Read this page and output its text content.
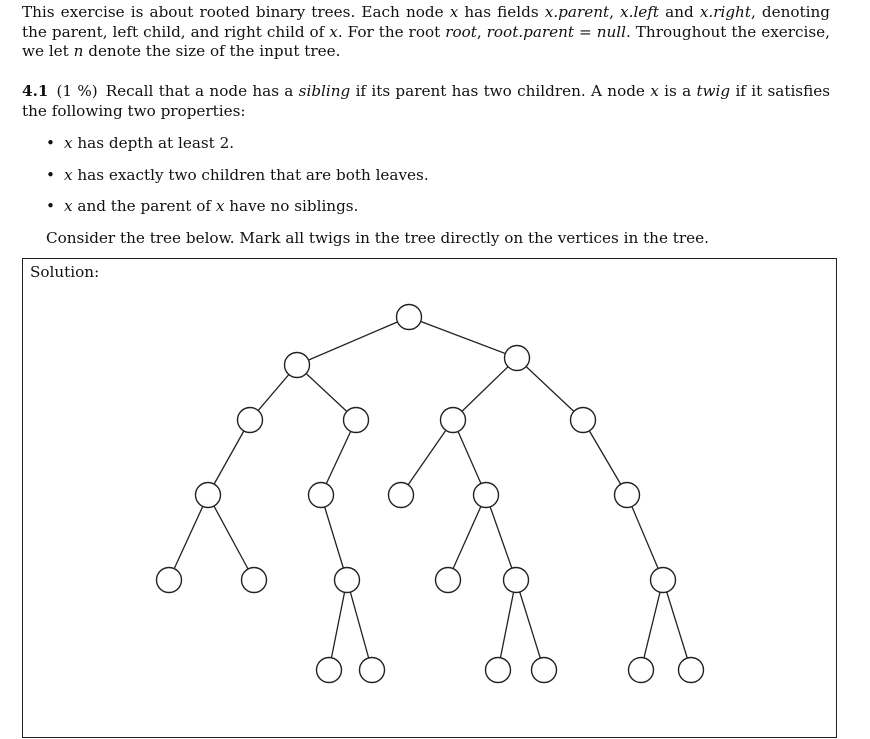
This exercise is about rooted binary trees. Each node x has fields x.parent, x.left and x.right, denoting the parent, left child, and right child of x. For the root root, root.parent = null. Throughout the exercise, we let n denote the size of the input tree.
4.1 (1 %) Recall that a node has a sibling if its parent has two children. A node x is a twig if it satisfies the following two properties:
• x has depth at least 2.
• x has exactly two children that are both leaves.
• x and the parent of x have no siblings.
Consider the tree below. Mark all twigs in the tree directly on the vertices in the tree.
Solution:
